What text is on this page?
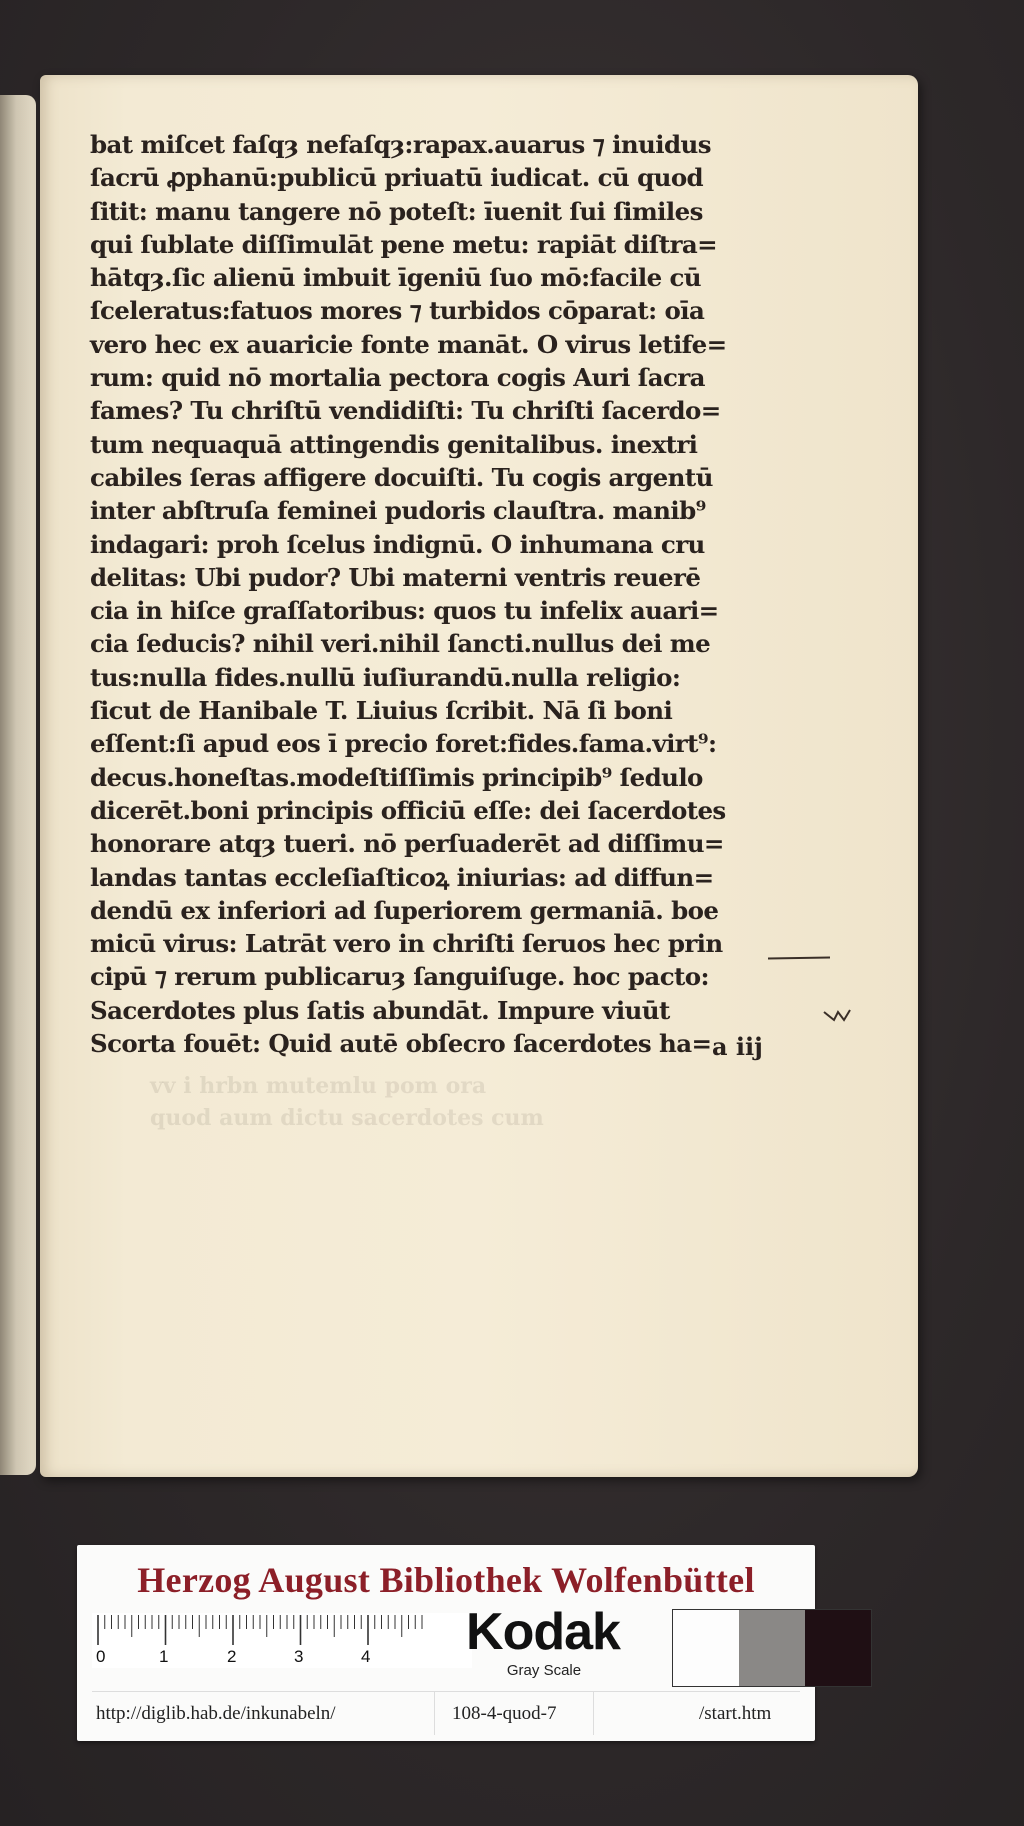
vv i hrbn mutemlu pom ora
quod aum dictu sacerdotes cum
bat miſcet faſqȝ nefaſqȝ:rapax.auarus ⁊ inuidus
ſacrū ꝓphanū:publicū priuatū iudicat. cū quod
ſitit: manu tangere nō poteſt: īuenit ſui ſimiles
qui ſublate diſſimulāt pene metu: rapiāt diſtra=
hātqȝ.ſic alienū imbuit īgeniū ſuo mō:facile cū
ſceleratus:fatuos mores ⁊ turbidos cōparat: oīa
vero hec ex auaricie fonte manāt. O virus letife=
rum: quid nō mortalia pectora cogis Auri ſacra
fames? Tu chriſtū vendidiſti: Tu chriſti ſacerdo=
tum nequaquā attingendis genitalibus. inextri
cabiles ſeras affigere docuiſti. Tu cogis argentū
inter abſtruſa feminei pudoris clauſtra. manib⁹
indagari: proh ſcelus indignū. O inhumana cru
delitas: Ubi pudor? Ubi materni ventris reuerē
cia in hiſce graſſatoribus: quos tu infelix auari=
cia ſeducis? nihil veri.nihil ſancti.nullus dei me
tus:nulla fides.nullū iuſiurandū.nulla religio:
ſicut de Hanibale T. Liuius ſcribit. Nā ſi boni
eſſent:ſi apud eos ī precio foret:fides.fama.virt⁹:
decus.honeſtas.modeſtiſſimis principib⁹ ſedulo
dicerēt.boni principis officiū eſſe: dei ſacerdotes
honorare atqȝ tueri. nō perſuaderēt ad diſſimu=
landas tantas eccleſiaſticoꝝ iniurias: ad diffun=
dendū ex inferiori ad ſuperiorem germaniā. boe
micū virus: Latrāt vero in chriſti ſeruos hec prin
cipū ⁊ rerum publicaruȝ ſanguiſuge. hoc pacto:
Sacerdotes plus ſatis abundāt. Impure viuūt
Scorta fouēt: Quid autē obſecro ſacerdotes ha= a iij
Herzog August Bibliothek Wolfenbüttel
0	1	2	3	4	Kodak
Gray Scale
http://diglib.hab.de/inkunabeln/	108-4-quod-7	/start.htm
